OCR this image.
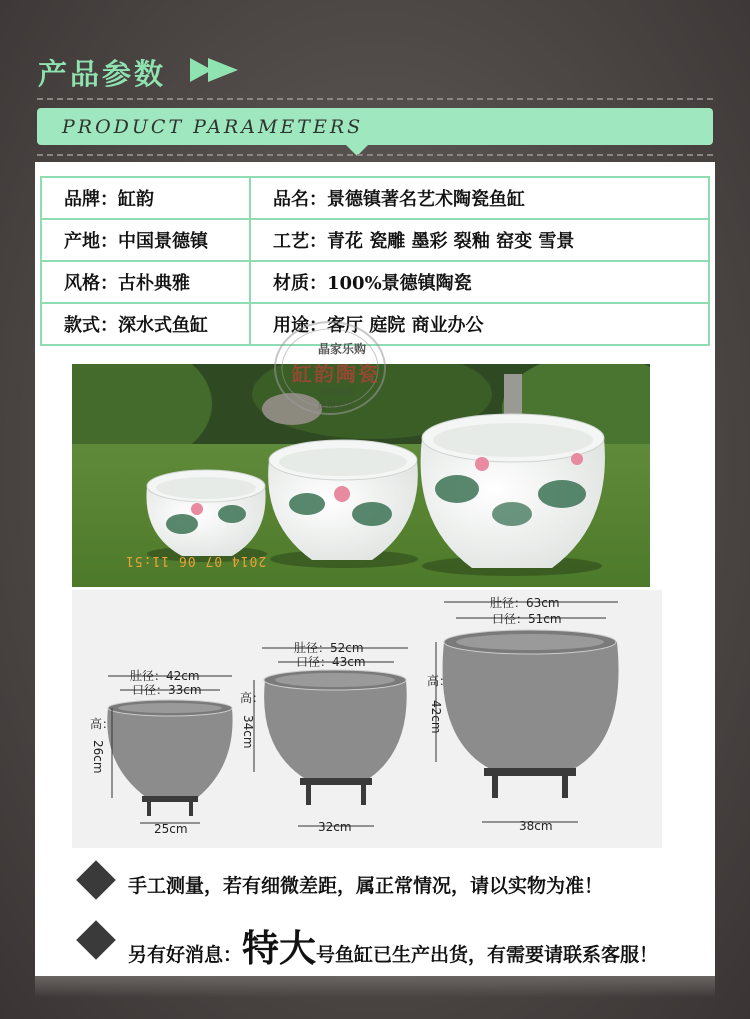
产品参数
PRODUCT PARAMETERS
品牌：缸韵	品名：景德镇著名艺术陶瓷鱼缸
产地：中国景德镇	工艺：青花 瓷雕 墨彩 裂釉 窑变 雪景
风格：古朴典雅	材质：100%景德镇陶瓷
款式：深水式鱼缸	用途：客厅 庭院 商业办公
2014 07 06 11:51
晶家乐购
缸韵陶瓷
实物拍摄
盗图必究
肚径：42cm
口径：33cm
高：
26cm
25cm
肚径：52cm
口径：43cm
高：
34cm
32cm
肚径：63cm
口径：51cm
高：
42cm
38cm
手工测量，若有细微差距，属正常情况，请以实物为准！
另有好消息：特大号鱼缸已生产出货，有需要请联系客服！
